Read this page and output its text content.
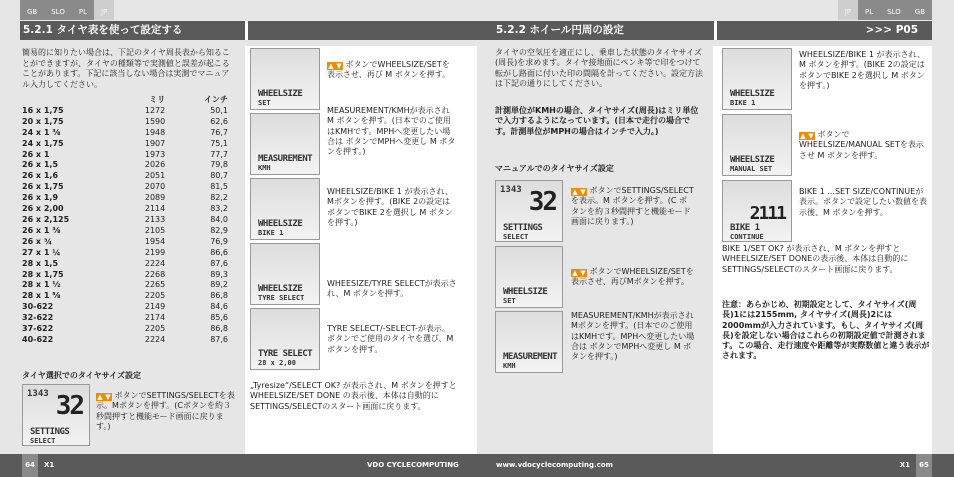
GB	SLO	PL	JP
5.2.1 タイヤ表を使って設定する

簡易的に知りたい場合は、下記のタイヤ周長表から知ることができますが、タイヤの種類等で実測値と誤差が起こることがあります。下記に該当しない場合は実測でマニュアル入力してください。

	ミリ	インチ
16 x 1,75	1272	50,1
20 x 1,75	1590	62,6
24 x 1 ⅜	1948	76,7
24 x 1,75	1907	75,1
26 x 1	1973	77,7
26 x 1,5	2026	79,8
26 x 1,6	2051	80,7
26 x 1,75	2070	81,5
26 x 1,9	2089	82,2
26 x 2,00	2114	83,2
26 x 2,125	2133	84,0
26 x 1 ⅜	2105	82,9
26 x ¾	1954	76,9
27 x 1 ¼	2199	86,6
28 x 1,5	2224	87,6
28 x 1,75	2268	89,3
28 x 1 ½	2265	89,2
28 x 1 ⅝	2205	86,8
30-622	2149	84,6
32-622	2174	85,6
37-622	2205	86,8
40-622	2224	87,6
タイヤ選択でのタイヤサイズ設定
1343 32
SETTINGS
SELECT
▲ ▼ ボタンでSETTINGS/SELECTを表示。Mボタンを押す。(Cボタンを約３秒間押すと機能モード画面に戻ります。)
WHEELSIZE
SET
MEASUREMENT
KMH
WHEELSIZE
BIKE 1
WHEELSIZE
TYRE SELECT
TYRE SELECT
28 x 2,00
▲ ▼ ボタンでWHEELSIZE/SETを表示させ、再び M ボタンを押す。
MEASUREMENT/KMHが表示され M ボタンを押す。(日本でのご使用はKMHです。MPHへ変更したい場合は ボタンでMPHへ変更し M ボタンを押す。)
WHEELSIZE/BIKE 1 が表示され、Mボタンを押す。(BIKE 2の設定は ボタンでBIKE 2を選択し M ボタンを押す。)
WHEESIZE/TYRE SELECTが表示され、M ボタンを押す。
TYRE SELECT/-SELECT-が表示。ボタンでご使用のタイヤを選び、M ボタンを押す。
„Tyresize“/SELECT OK? が表示され、M ボタンを押すとWHEELSIZE/SET DONE の表示後、本体は自動的にSETTINGS/SELECTのスタート画面に戻ります。
64	X1	VDO CYCLECOMPUTING
JP	PL	SLO	GB
5.2.2 ホイール円周の設定	>>> P05
タイヤの空気圧を適正にし、乗車した状態のタイヤサイズ(周長)を求めます。タイヤ接地面にペンキ等で印をつけて転がし路面に付いた印の間隔を計ってください。設定方法は下記の通りにしてください。
計測単位がKMHの場合、タイヤサイズ(周長)はミリ単位で入力するようになっています。(日本で走行の場合です。計測単位がMPHの場合はインチで入力。)
マニュアルでのタイヤサイズ設定
1343 32
SETTINGS
SELECT
WHEELSIZE
SET
MEASUREMENT
KMH
▲ ▼ ボタンでSETTINGS/SELECTを表示。M ボタンを押す。(C ボタンを約３秒間押すと機能モード画面に戻ります。)
▲ ▼ ボタンでWHEELSIZE/SETを表示させ、再びMボタンを押す。
MEASUREMENT/KMHが表示されMボタンを押す。(日本でのご使用はKMHです。MPHへ変更したい場合は ボタンでMPHへ変更し M ボタンを押す。)
WHEELSIZE
BIKE 1
WHEELSIZE
MANUAL SET
2111
BIKE 1
CONTINUE
WHEELSIZE/BIKE 1 が表示され、M ボタンを押す。(BIKE 2の設定は ボタンでBIKE 2を選択し M ボタンを押す。)
▲ ▼ ボタンでWHEELSIZE/MANUAL SETを表示させ M ボタンを押す。
BIKE 1 ...SET SIZE/CONTINUEが表示。ボタンで設定したい数値を表示後、M ボタンを押す。
BIKE 1/SET OK? が表示され、M ボタンを押すとWHEELSIZE/SET DONEの表示後、本体は自動的にSETTINGS/SELECTのスタート画面に戻ります。
注意：あらかじめ、初期設定として、タイヤサイズ(周長)1には2155mm, タイヤサイズ(周長)2には2000mmが入力されています。もし、タイヤサイズ(周長)を設定しない場合はこれらの初期設定値で計測されます。この場合、走行速度や距離等が実際数値と違う表示がされます。
www.vdocyclecomputing.com	X1	65
